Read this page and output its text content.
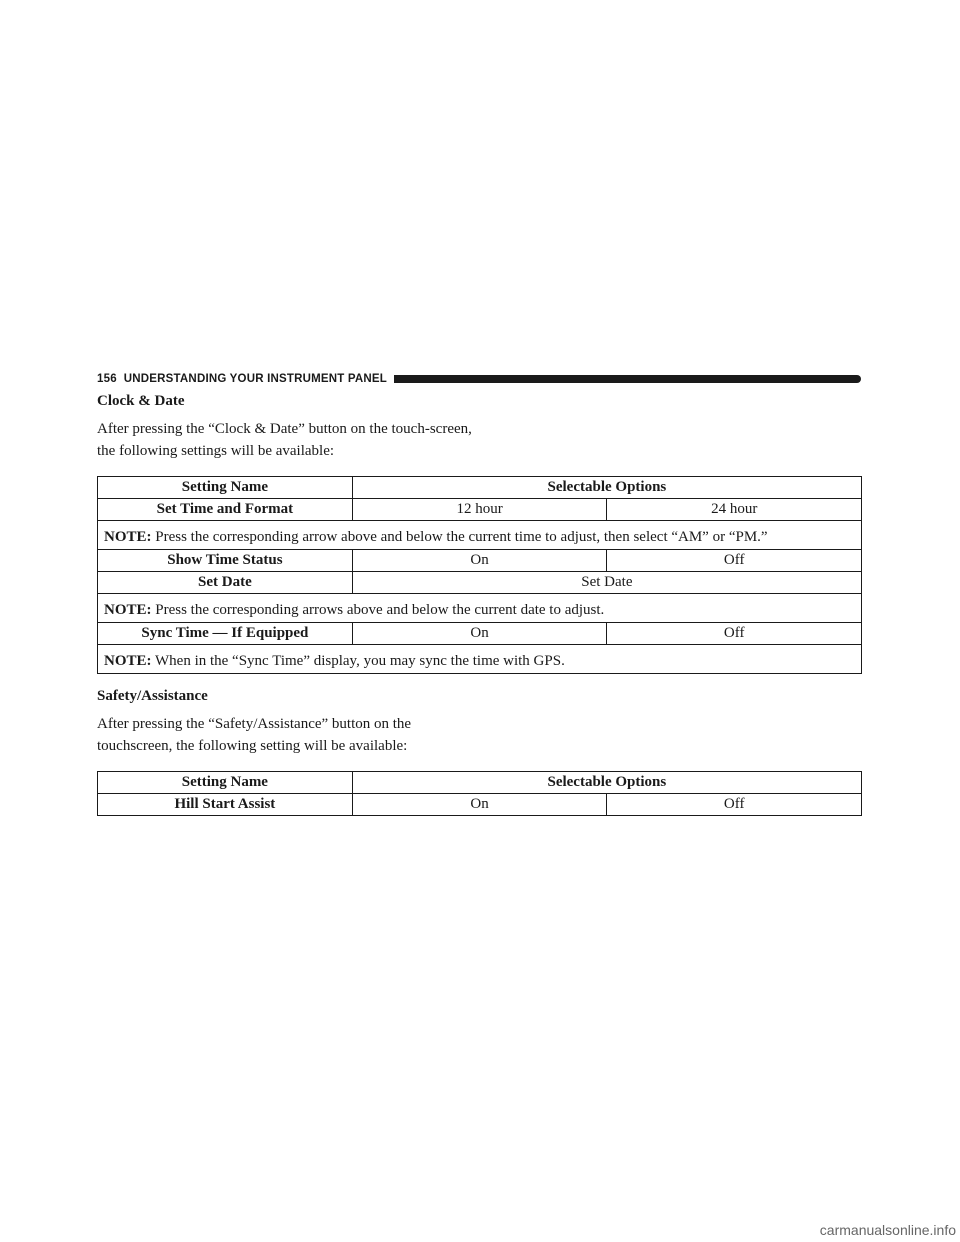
156 UNDERSTANDING YOUR INSTRUMENT PANEL
Clock & Date
After pressing the “Clock & Date” button on the touch-screen, the following settings will be available:
Setting Name	Selectable Options	
Set Time and Format	12 hour	24 hour
NOTE: Press the corresponding arrow above and below the current time to adjust, then select “AM” or “PM.”		
Show Time Status	On	Off
Set Date	Set Date	
NOTE: Press the corresponding arrows above and below the current date to adjust.		
Sync Time — If Equipped	On	Off
NOTE: When in the “Sync Time” display, you may sync the time with GPS.		
Safety/Assistance
After pressing the “Safety/Assistance” button on the touchscreen, the following setting will be available:
Setting Name	Selectable Options	
Hill Start Assist	On	Off
carmanualsonline.info
